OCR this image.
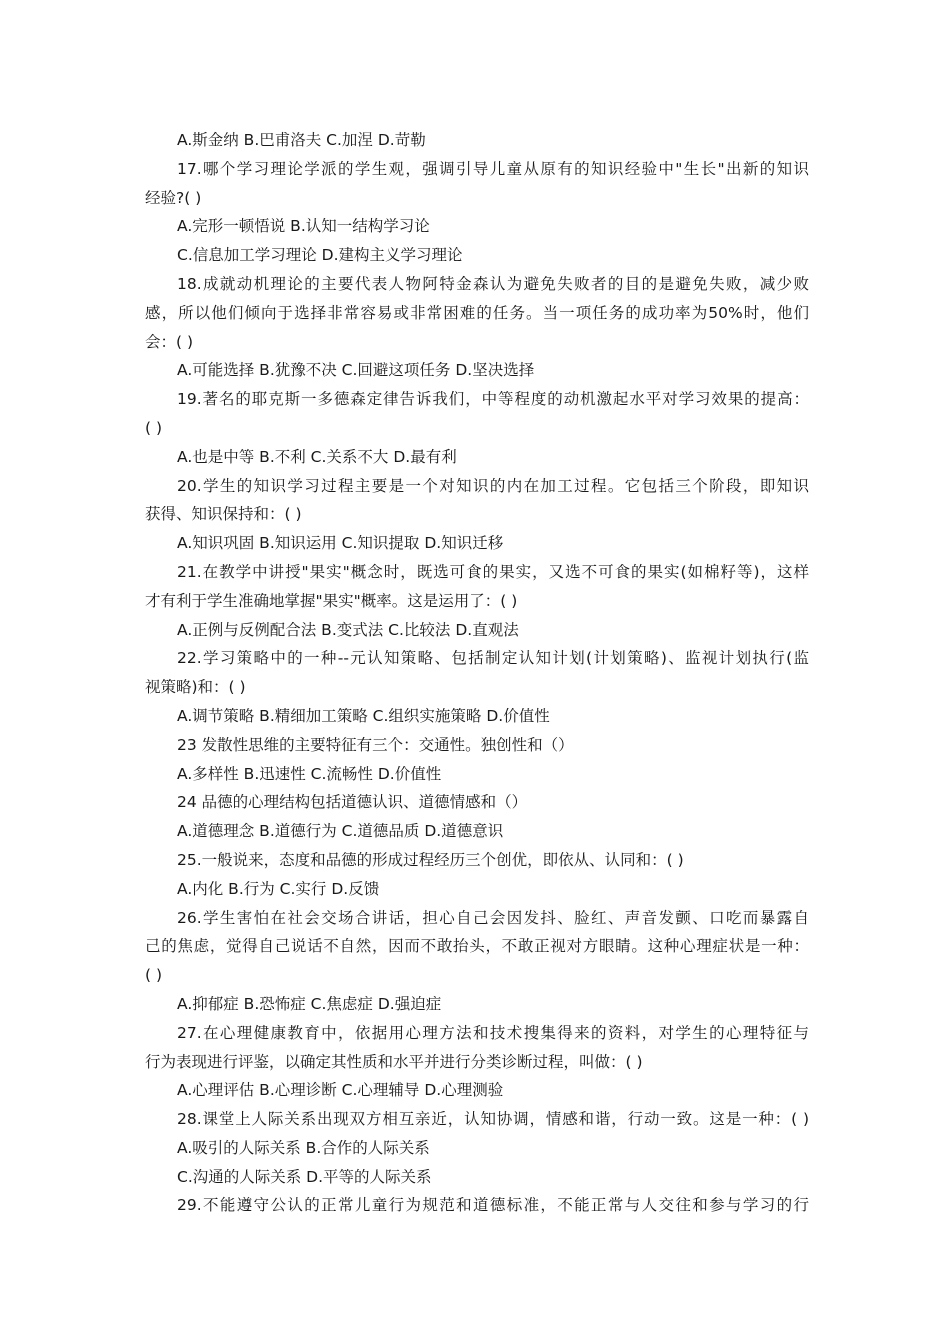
A.斯金纳 B.巴甫洛夫 C.加涅 D.苛勒
17.哪个学习理论学派的学生观，强调引导儿童从原有的知识经验中"生长"出新的知识
经验?( )
A.完形一顿悟说 B.认知一结构学习论
C.信息加工学习理论 D.建构主义学习理论
18.成就动机理论的主要代表人物阿特金森认为避免失败者的目的是避免失败，减少败
感，所以他们倾向于选择非常容易或非常困难的任务。当一项任务的成功率为50%时，他们
会：( )
A.可能选择 B.犹豫不决 C.回避这项任务 D.坚决选择
19.著名的耶克斯一多德森定律告诉我们，中等程度的动机激起水平对学习效果的提高：
( )
A.也是中等 B.不利 C.关系不大 D.最有利
20.学生的知识学习过程主要是一个对知识的内在加工过程。它包括三个阶段，即知识
获得、知识保持和：( )
A.知识巩固 B.知识运用 C.知识提取 D.知识迁移
21.在教学中讲授"果实"概念时，既选可食的果实，又选不可食的果实(如棉籽等)，这样
才有利于学生准确地掌握"果实"概率。这是运用了：( )
A.正例与反例配合法 B.变式法 C.比较法 D.直观法
22.学习策略中的一种--元认知策略、包括制定认知计划(计划策略)、监视计划执行(监
视策略)和：( )
A.调节策略 B.精细加工策略 C.组织实施策略 D.价值性
23 发散性思维的主要特征有三个：交通性。独创性和（）
A.多样性 B.迅速性 C.流畅性 D.价值性
24 品德的心理结构包括道德认识、道德情感和（）
A.道德理念 B.道德行为 C.道德品质 D.道德意识
25.一般说来，态度和品德的形成过程经历三个创优，即依从、认同和：( )
A.内化 B.行为 C.实行 D.反馈
26.学生害怕在社会交场合讲话，担心自己会因发抖、脸红、声音发颤、口吃而暴露自
己的焦虑，觉得自己说话不自然，因而不敢抬头，不敢正视对方眼睛。这种心理症状是一种：
( )
A.抑郁症 B.恐怖症 C.焦虑症 D.强迫症
27.在心理健康教育中，依据用心理方法和技术搜集得来的资料，对学生的心理特征与
行为表现进行评鉴，以确定其性质和水平并进行分类诊断过程，叫做：( )
A.心理评估 B.心理诊断 C.心理辅导 D.心理测验
28.课堂上人际关系出现双方相互亲近，认知协调，情感和谐，行动一致。这是一种：( )
A.吸引的人际关系 B.合作的人际关系
C.沟通的人际关系 D.平等的人际关系
29.不能遵守公认的正常儿童行为规范和道德标准，不能正常与人交往和参与学习的行
